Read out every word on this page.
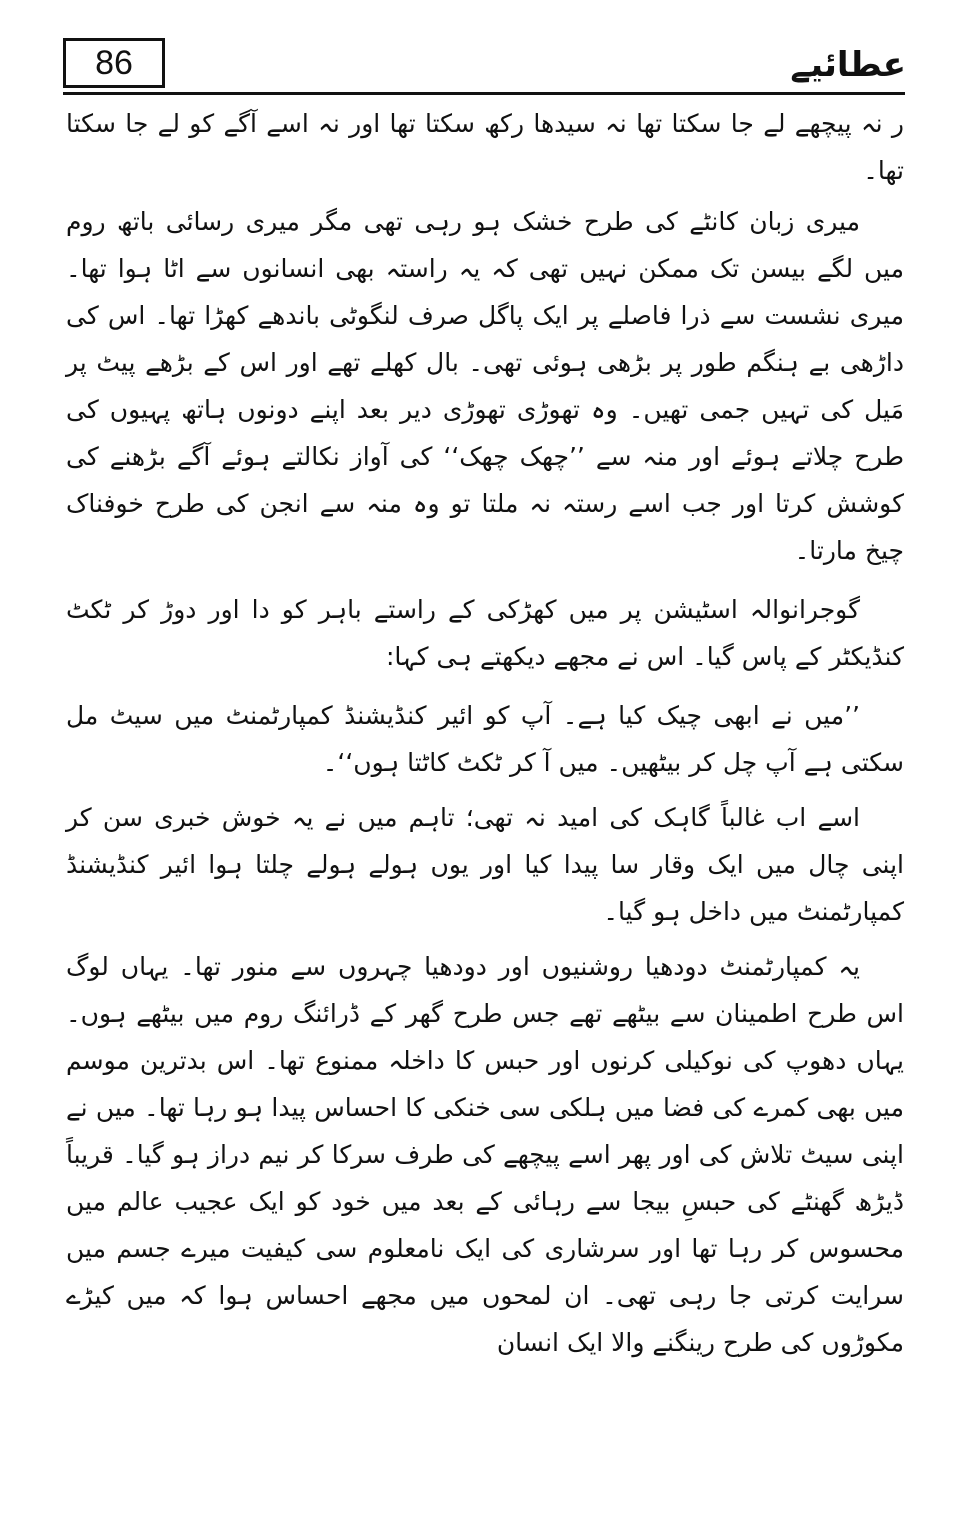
86	عطائیے

ر نہ پیچھے لے جا سکتا تھا نہ سیدھا رکھ سکتا تھا اور نہ اسے آگے کو لے جا سکتا تھا۔

میری زبان کانٹے کی طرح خشک ہو رہی تھی مگر میری رسائی باتھ روم میں لگے بیسن تک ممکن نہیں تھی کہ یہ راستہ بھی انسانوں سے اٹا ہوا تھا۔ میری نشست سے ذرا فاصلے پر ایک پاگل صرف لنگوٹی باندھے کھڑا تھا۔ اس کی داڑھی بے ہنگم طور پر بڑھی ہوئی تھی۔ بال کھلے تھے اور اس کے بڑھے پیٹ پر مَیل کی تہیں جمی تھیں۔ وہ تھوڑی تھوڑی دیر بعد اپنے دونوں ہاتھ پہیوں کی طرح چلاتے ہوئے اور منہ سے ’’چھک چھک‘‘ کی آواز نکالتے ہوئے آگے بڑھنے کی کوشش کرتا اور جب اسے رستہ نہ ملتا تو وہ منہ سے انجن کی طرح خوفناک چیخ مارتا۔

گوجرانوالہ اسٹیشن پر میں کھڑکی کے راستے باہر کو دا اور دوڑ کر ٹکٹ کنڈیکٹر کے پاس گیا۔ اس نے مجھے دیکھتے ہی کہا:

’’میں نے ابھی چیک کیا ہے۔ آپ کو ائیر کنڈیشنڈ کمپارٹمنٹ میں سیٹ مل سکتی ہے آپ چل کر بیٹھیں۔ میں آ کر ٹکٹ کاٹتا ہوں‘‘۔

اسے اب غالباً گاہک کی امید نہ تھی؛ تاہم میں نے یہ خوش خبری سن کر اپنی چال میں ایک وقار سا پیدا کیا اور یوں ہولے ہولے چلتا ہوا ائیر کنڈیشنڈ کمپارٹمنٹ میں داخل ہو گیا۔

یہ کمپارٹمنٹ دودھیا روشنیوں اور دودھیا چہروں سے منور تھا۔ یہاں لوگ اس طرح اطمینان سے بیٹھے تھے جس طرح گھر کے ڈرائنگ روم میں بیٹھے ہوں۔ یہاں دھوپ کی نوکیلی کرنوں اور حبس کا داخلہ ممنوع تھا۔ اس بدترین موسم میں بھی کمرے کی فضا میں ہلکی سی خنکی کا احساس پیدا ہو رہا تھا۔ میں نے اپنی سیٹ تلاش کی اور پھر اسے پیچھے کی طرف سرکا کر نیم دراز ہو گیا۔ قریباً ڈیڑھ گھنٹے کی حبسِ بیجا سے رہائی کے بعد میں خود کو ایک عجیب عالم میں محسوس کر رہا تھا اور سرشاری کی ایک نامعلوم سی کیفیت میرے جسم میں سرایت کرتی جا رہی تھی۔ ان لمحوں میں مجھے احساس ہوا کہ میں کیڑے مکوڑوں کی طرح رینگنے والا ایک انسان
